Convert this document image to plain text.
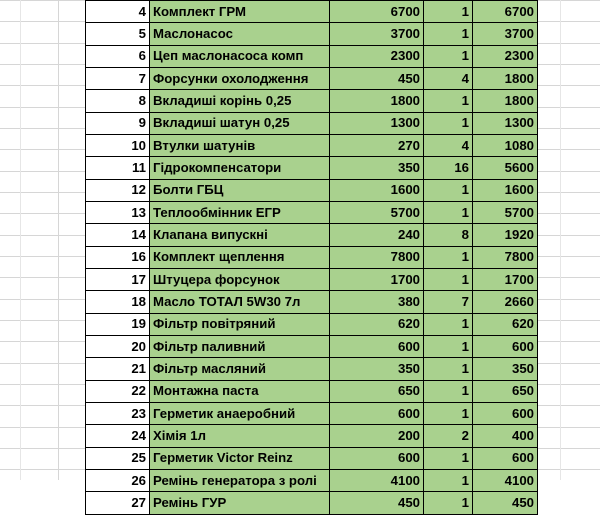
4	Комплект ГРМ	6700	1	6700
5	Маслонасос	3700	1	3700
6	Цеп маслонасоса комп	2300	1	2300
7	Форсунки охолодження	450	4	1800
8	Вкладиші корінь 0,25	1800	1	1800
9	Вкладиші шатун 0,25	1300	1	1300
10	Втулки шатунів	270	4	1080
11	Гідрокомпенсатори	350	16	5600
12	Болти ГБЦ	1600	1	1600
13	Теплообмінник ЕГР	5700	1	5700
14	Клапана випускні	240	8	1920
16	Комплект щеплення	7800	1	7800
17	Штуцера форсунок	1700	1	1700
18	Масло ТОТАЛ 5W30 7л	380	7	2660
19	Фільтр повітряний	620	1	620
20	Фільтр паливний	600	1	600
21	Фільтр масляний	350	1	350
22	Монтажна паста	650	1	650
23	Герметик анаеробний	600	1	600
24	Хімія 1л	200	2	400
25	Герметик Victor Reinz	600	1	600
26	Ремінь генератора з ролі	4100	1	4100
27	Ремінь ГУР	450	1	450
